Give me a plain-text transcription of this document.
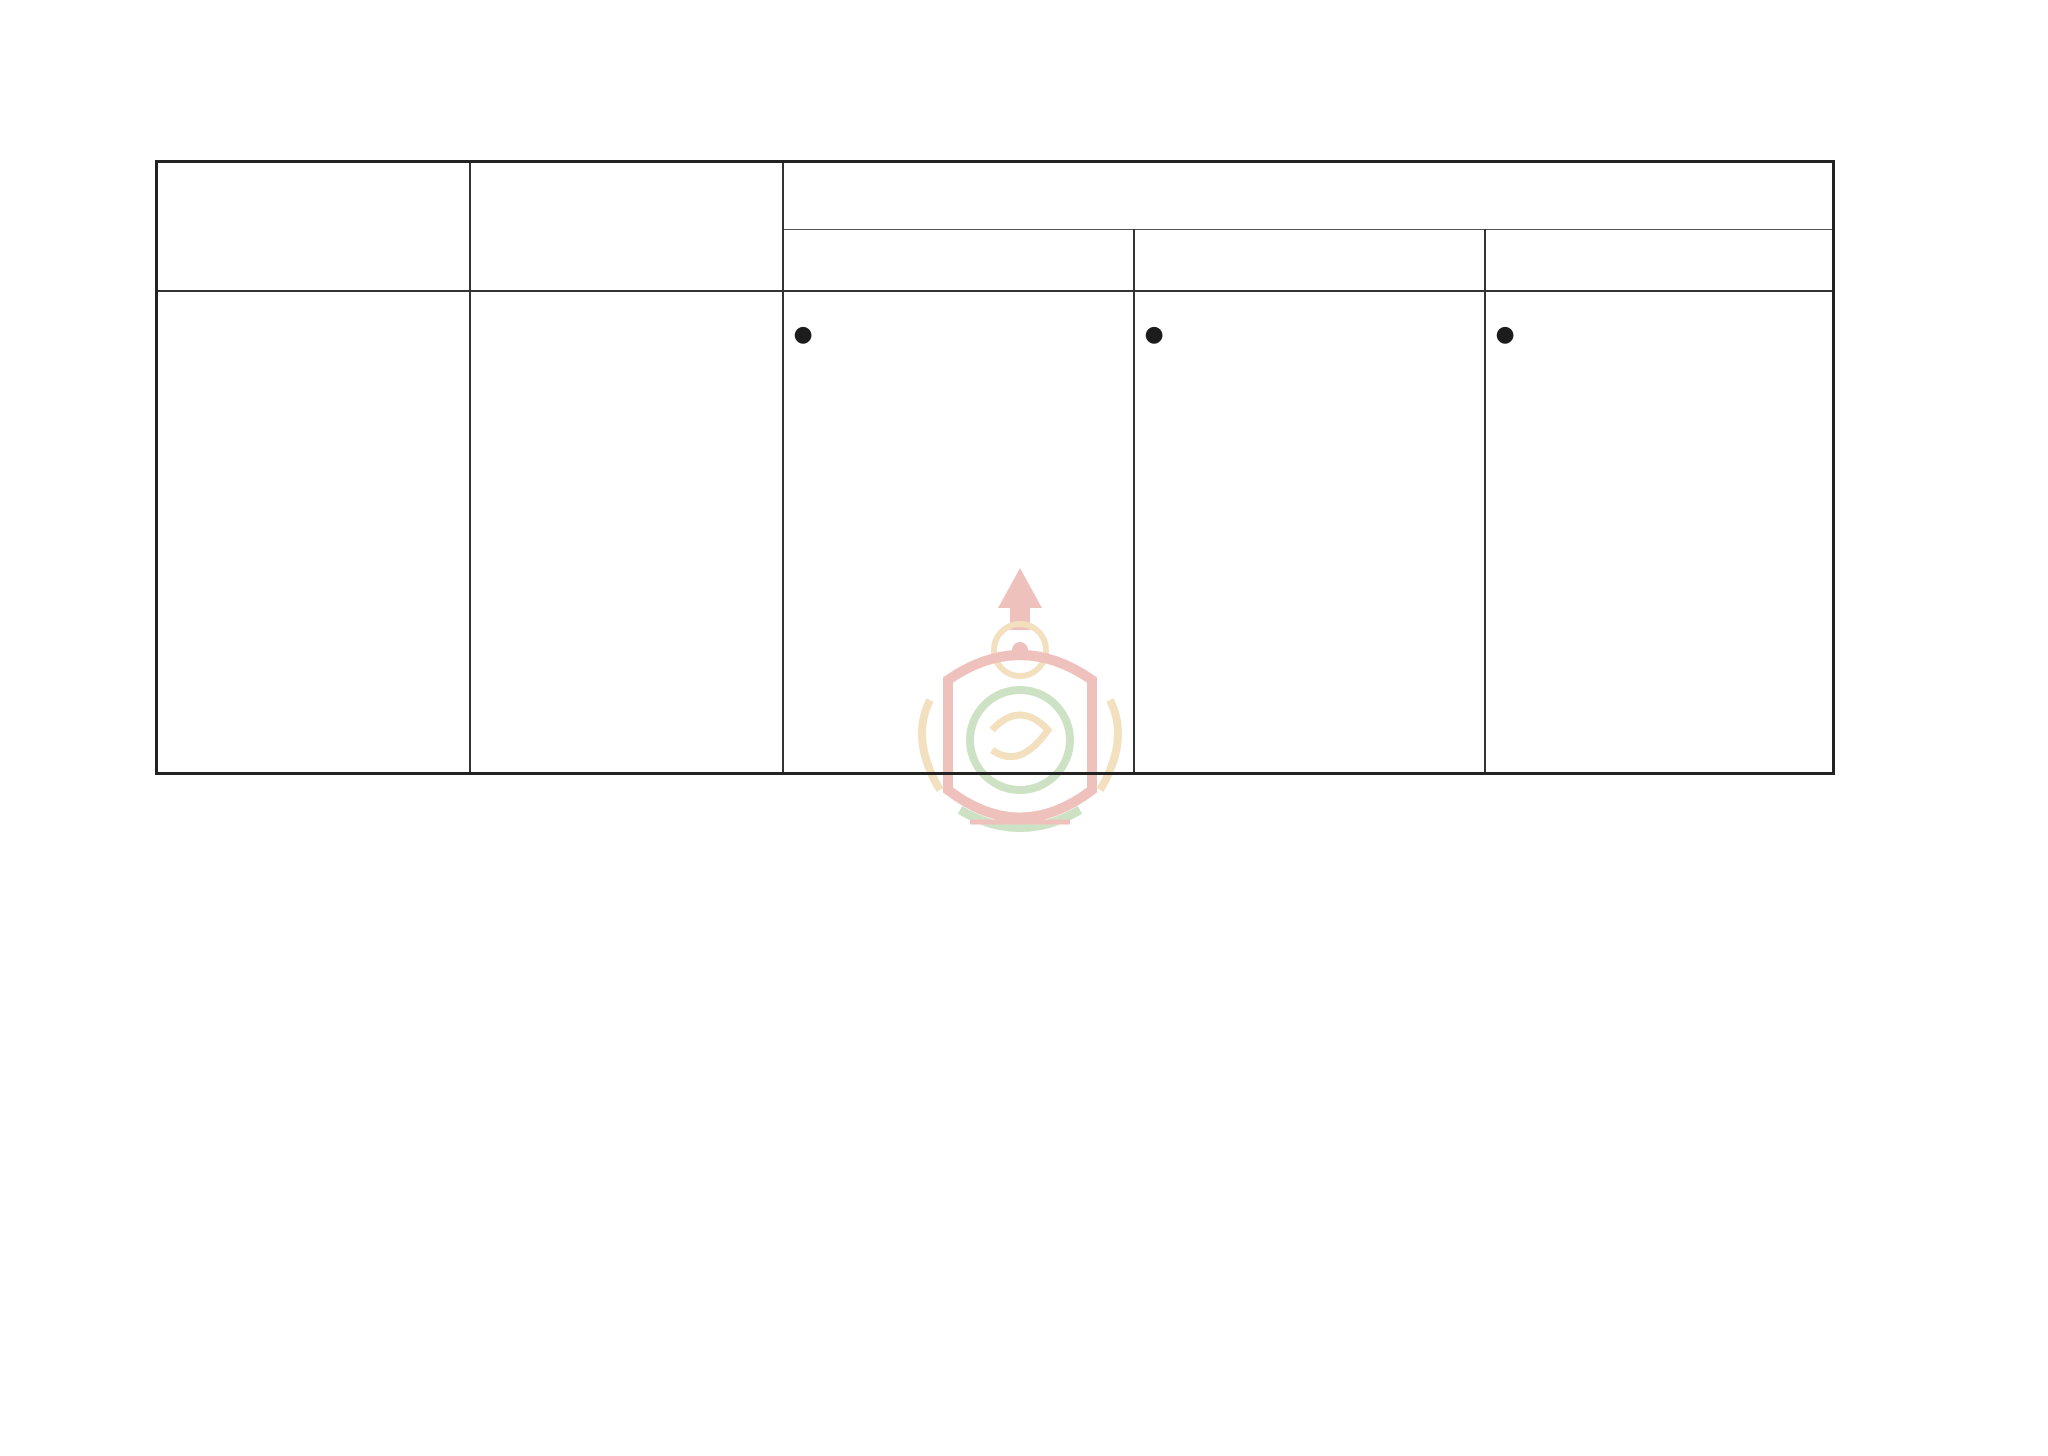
		●	●	●
